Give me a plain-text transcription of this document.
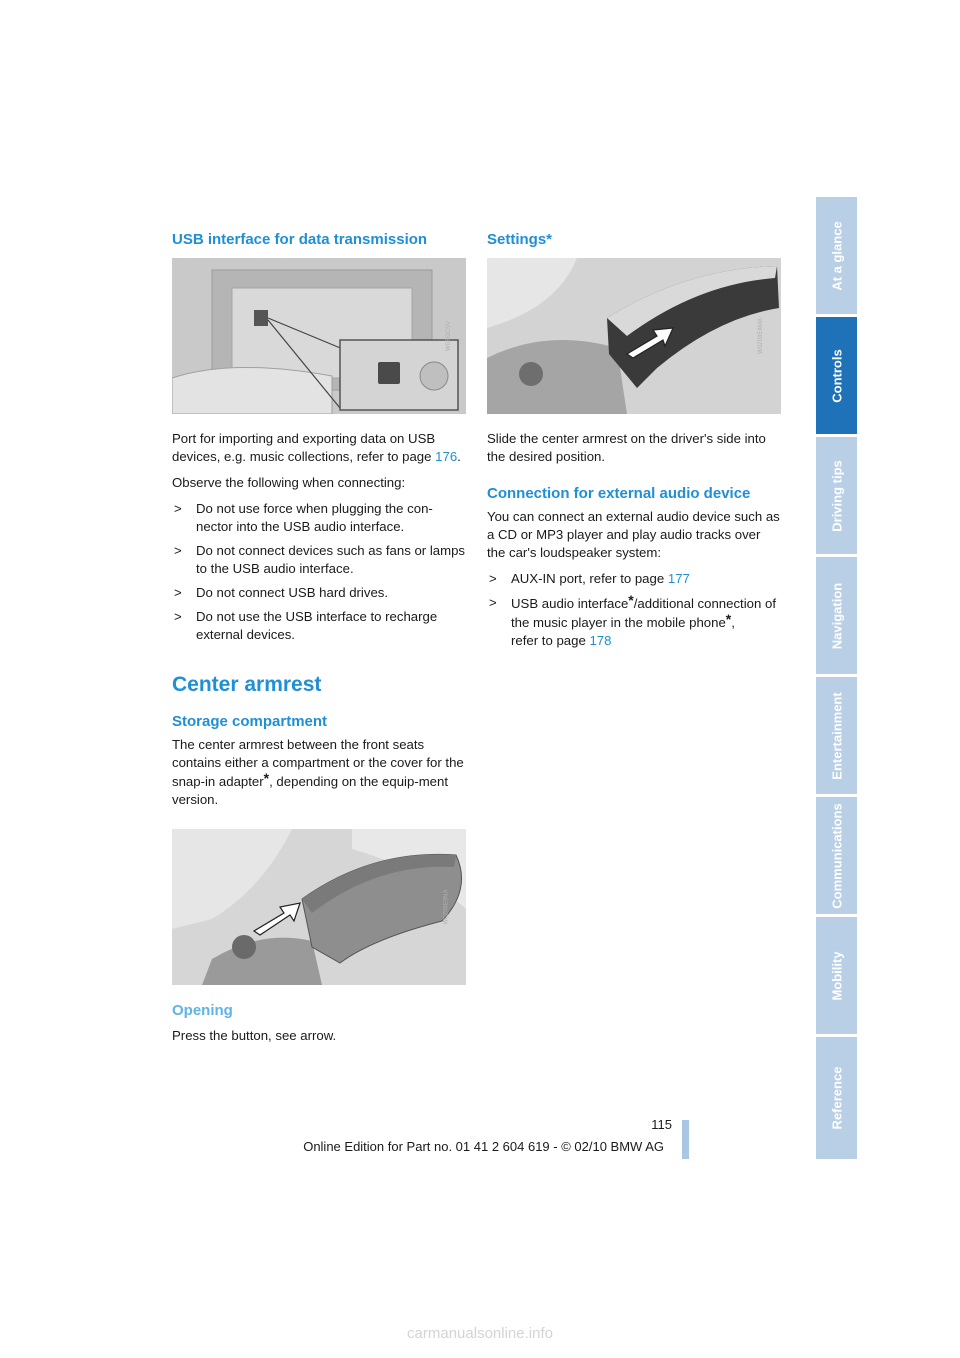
USB interface for data transmission
W0ZI0CSV

Port for importing and exporting data on USB devices, e.g. music collections, refer to page 176.

Observe the following when connecting:

> Do not use force when plugging the con-nector into the USB audio interface.
> Do not connect devices such as fans or lamps to the USB audio interface.
> Do not connect USB hard drives.
> Do not use the USB interface to recharge external devices.
Center armrest
Storage compartment

The center armrest between the front seats contains either a compartment or the cover for the snap-in adapter*, depending on the equip-ment version.

W0ZI0IE9NA
Opening

Press the button, see arrow.

Settings*
W0ZI0IE4MA

Slide the center armrest on the driver's side into the desired position.

Connection for external audio device

You can connect an external audio device such as a CD or MP3 player and play audio tracks over the car's loudspeaker system:

> AUX-IN port, refer to page 177
> USB audio interface*/additional connection of the music player in the mobile phone*,
refer to page 178
At a glance
Controls
Driving tips
Navigation
Entertainment
Communications
Mobility
Reference
115
Online Edition for Part no. 01 41 2 604 619 - © 02/10 BMW AG
carmanualsonline.info
